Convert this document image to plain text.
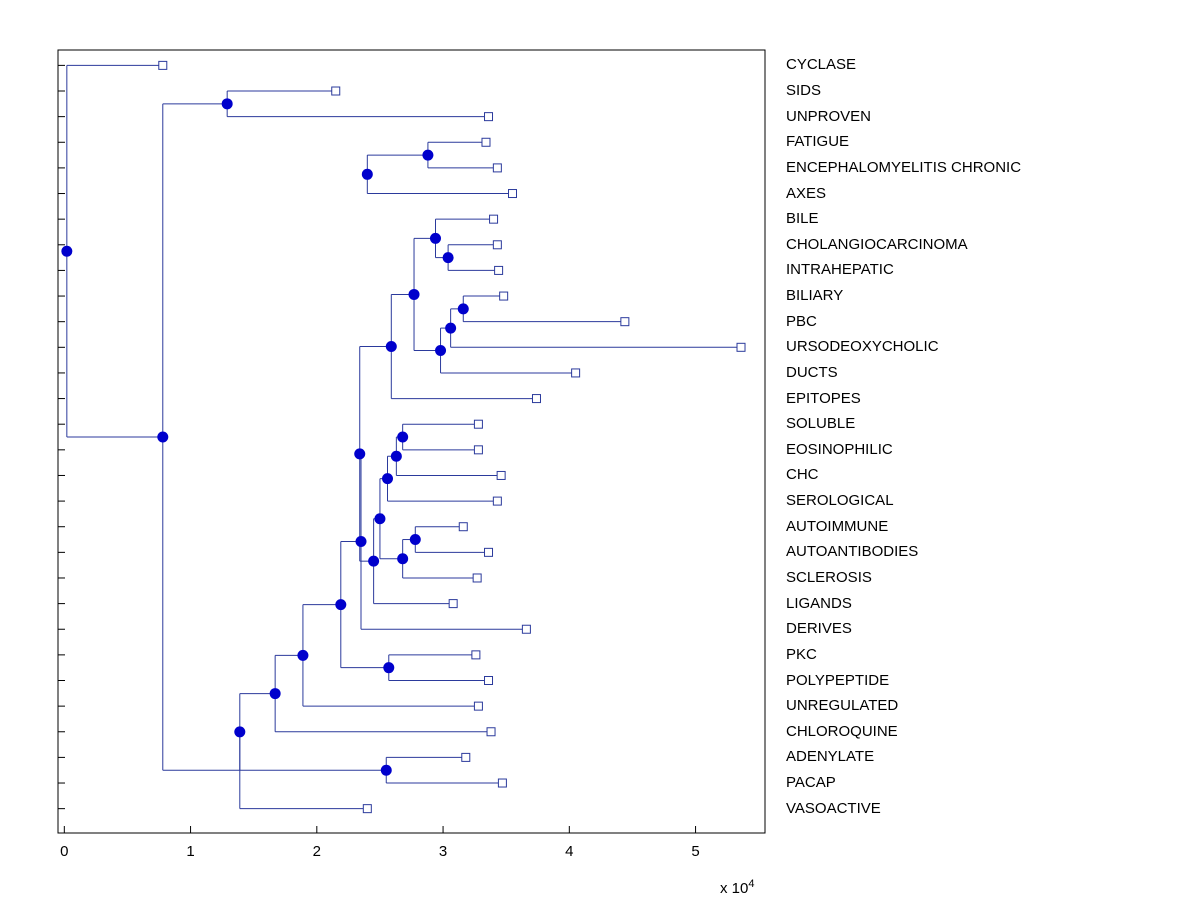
0	1	2	3	4	5
x $10^4$
CYCLASE
SIDS
UNPROVEN
FATIGUE
ENCEPHALOMYELITIS CHRONIC
AXES
BILE
CHOLANGIOCARCINOMA
INTRAHEPATIC
BILIARY
PBC
URSODEOXYCHOLIC
DUCTS
EPITOPES
SOLUBLE
EOSINOPHILIC
CHC
SEROLOGICAL
AUTOIMMUNE
AUTOANTIBODIES
SCLEROSIS
LIGANDS
DERIVES
PKC
POLYPEPTIDE
UNREGULATED
CHLOROQUINE
ADENYLATE
PACAP
VASOACTIVE
